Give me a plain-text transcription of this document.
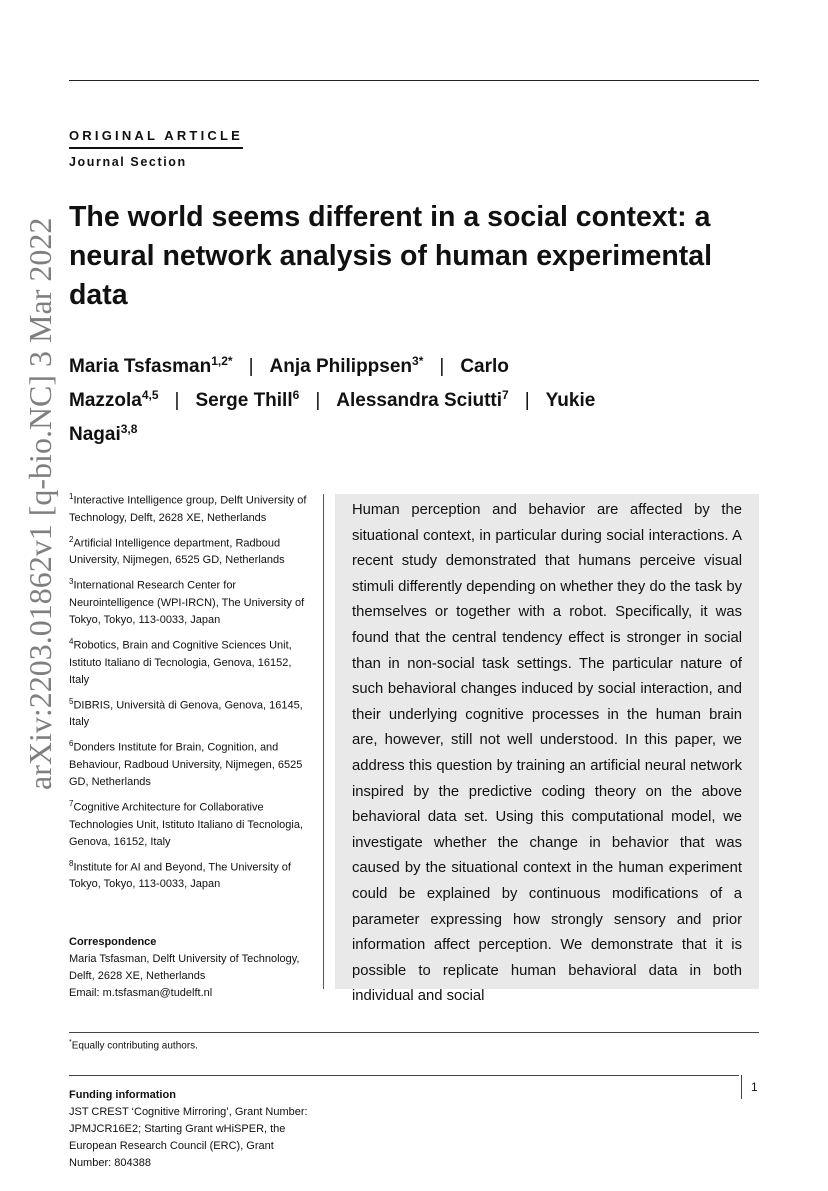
ORIGINAL ARTICLE
Journal Section
arXiv:2203.01862v1 [q-bio.NC] 3 Mar 2022
The world seems different in a social context: a neural network analysis of human experimental data
Maria Tsfasman$^{1,2*}$ | Anja Philippsen$^{3*}$ | Carlo Mazzola$^{4,5}$ | Serge Thill$^6$ | Alessandra Sciutti$^7$ | Yukie Nagai$^{3,8}$
$^1$Interactive Intelligence group, Delft University of Technology, Delft, 2628 XE, Netherlands
$^2$Artificial Intelligence department, Radboud University, Nijmegen, 6525 GD, Netherlands
$^3$International Research Center for Neurointelligence (WPI-IRCN), The University of Tokyo, Tokyo, 113-0033, Japan
$^4$Robotics, Brain and Cognitive Sciences Unit, Istituto Italiano di Tecnologia, Genova, 16152, Italy
$^5$DIBRIS, Università di Genova, Genova, 16145, Italy
$^6$Donders Institute for Brain, Cognition, and Behaviour, Radboud University, Nijmegen, 6525 GD, Netherlands
$^7$Cognitive Architecture for Collaborative Technologies Unit, Istituto Italiano di Tecnologia, Genova, 16152, Italy
$^8$Institute for AI and Beyond, The University of Tokyo, Tokyo, 113-0033, Japan
Correspondence
Maria Tsfasman, Delft University of Technology, Delft, 2628 XE, Netherlands
Email: m.tsfasman@tudelft.nl
Human perception and behavior are affected by the situational context, in particular during social interactions. A recent study demonstrated that humans perceive visual stimuli differently depending on whether they do the task by themselves or together with a robot. Specifically, it was found that the central tendency effect is stronger in social than in non-social task settings. The particular nature of such behavioral changes induced by social interaction, and their underlying cognitive processes in the human brain are, however, still not well understood. In this paper, we address this question by training an artificial neural network inspired by the predictive coding theory on the above behavioral data set. Using this computational model, we investigate whether the change in behavior that was caused by the situational context in the human experiment could be explained by continuous modifications of a parameter expressing how strongly sensory and prior information affect perception. We demonstrate that it is possible to replicate human behavioral data in both individual and social
*Equally contributing authors.
Funding information
JST CREST ‘Cognitive Mirroring’, Grant Number: JPMJCR16E2; Starting Grant wHiSPER, the European Research Council (ERC), Grant Number: 804388
1
